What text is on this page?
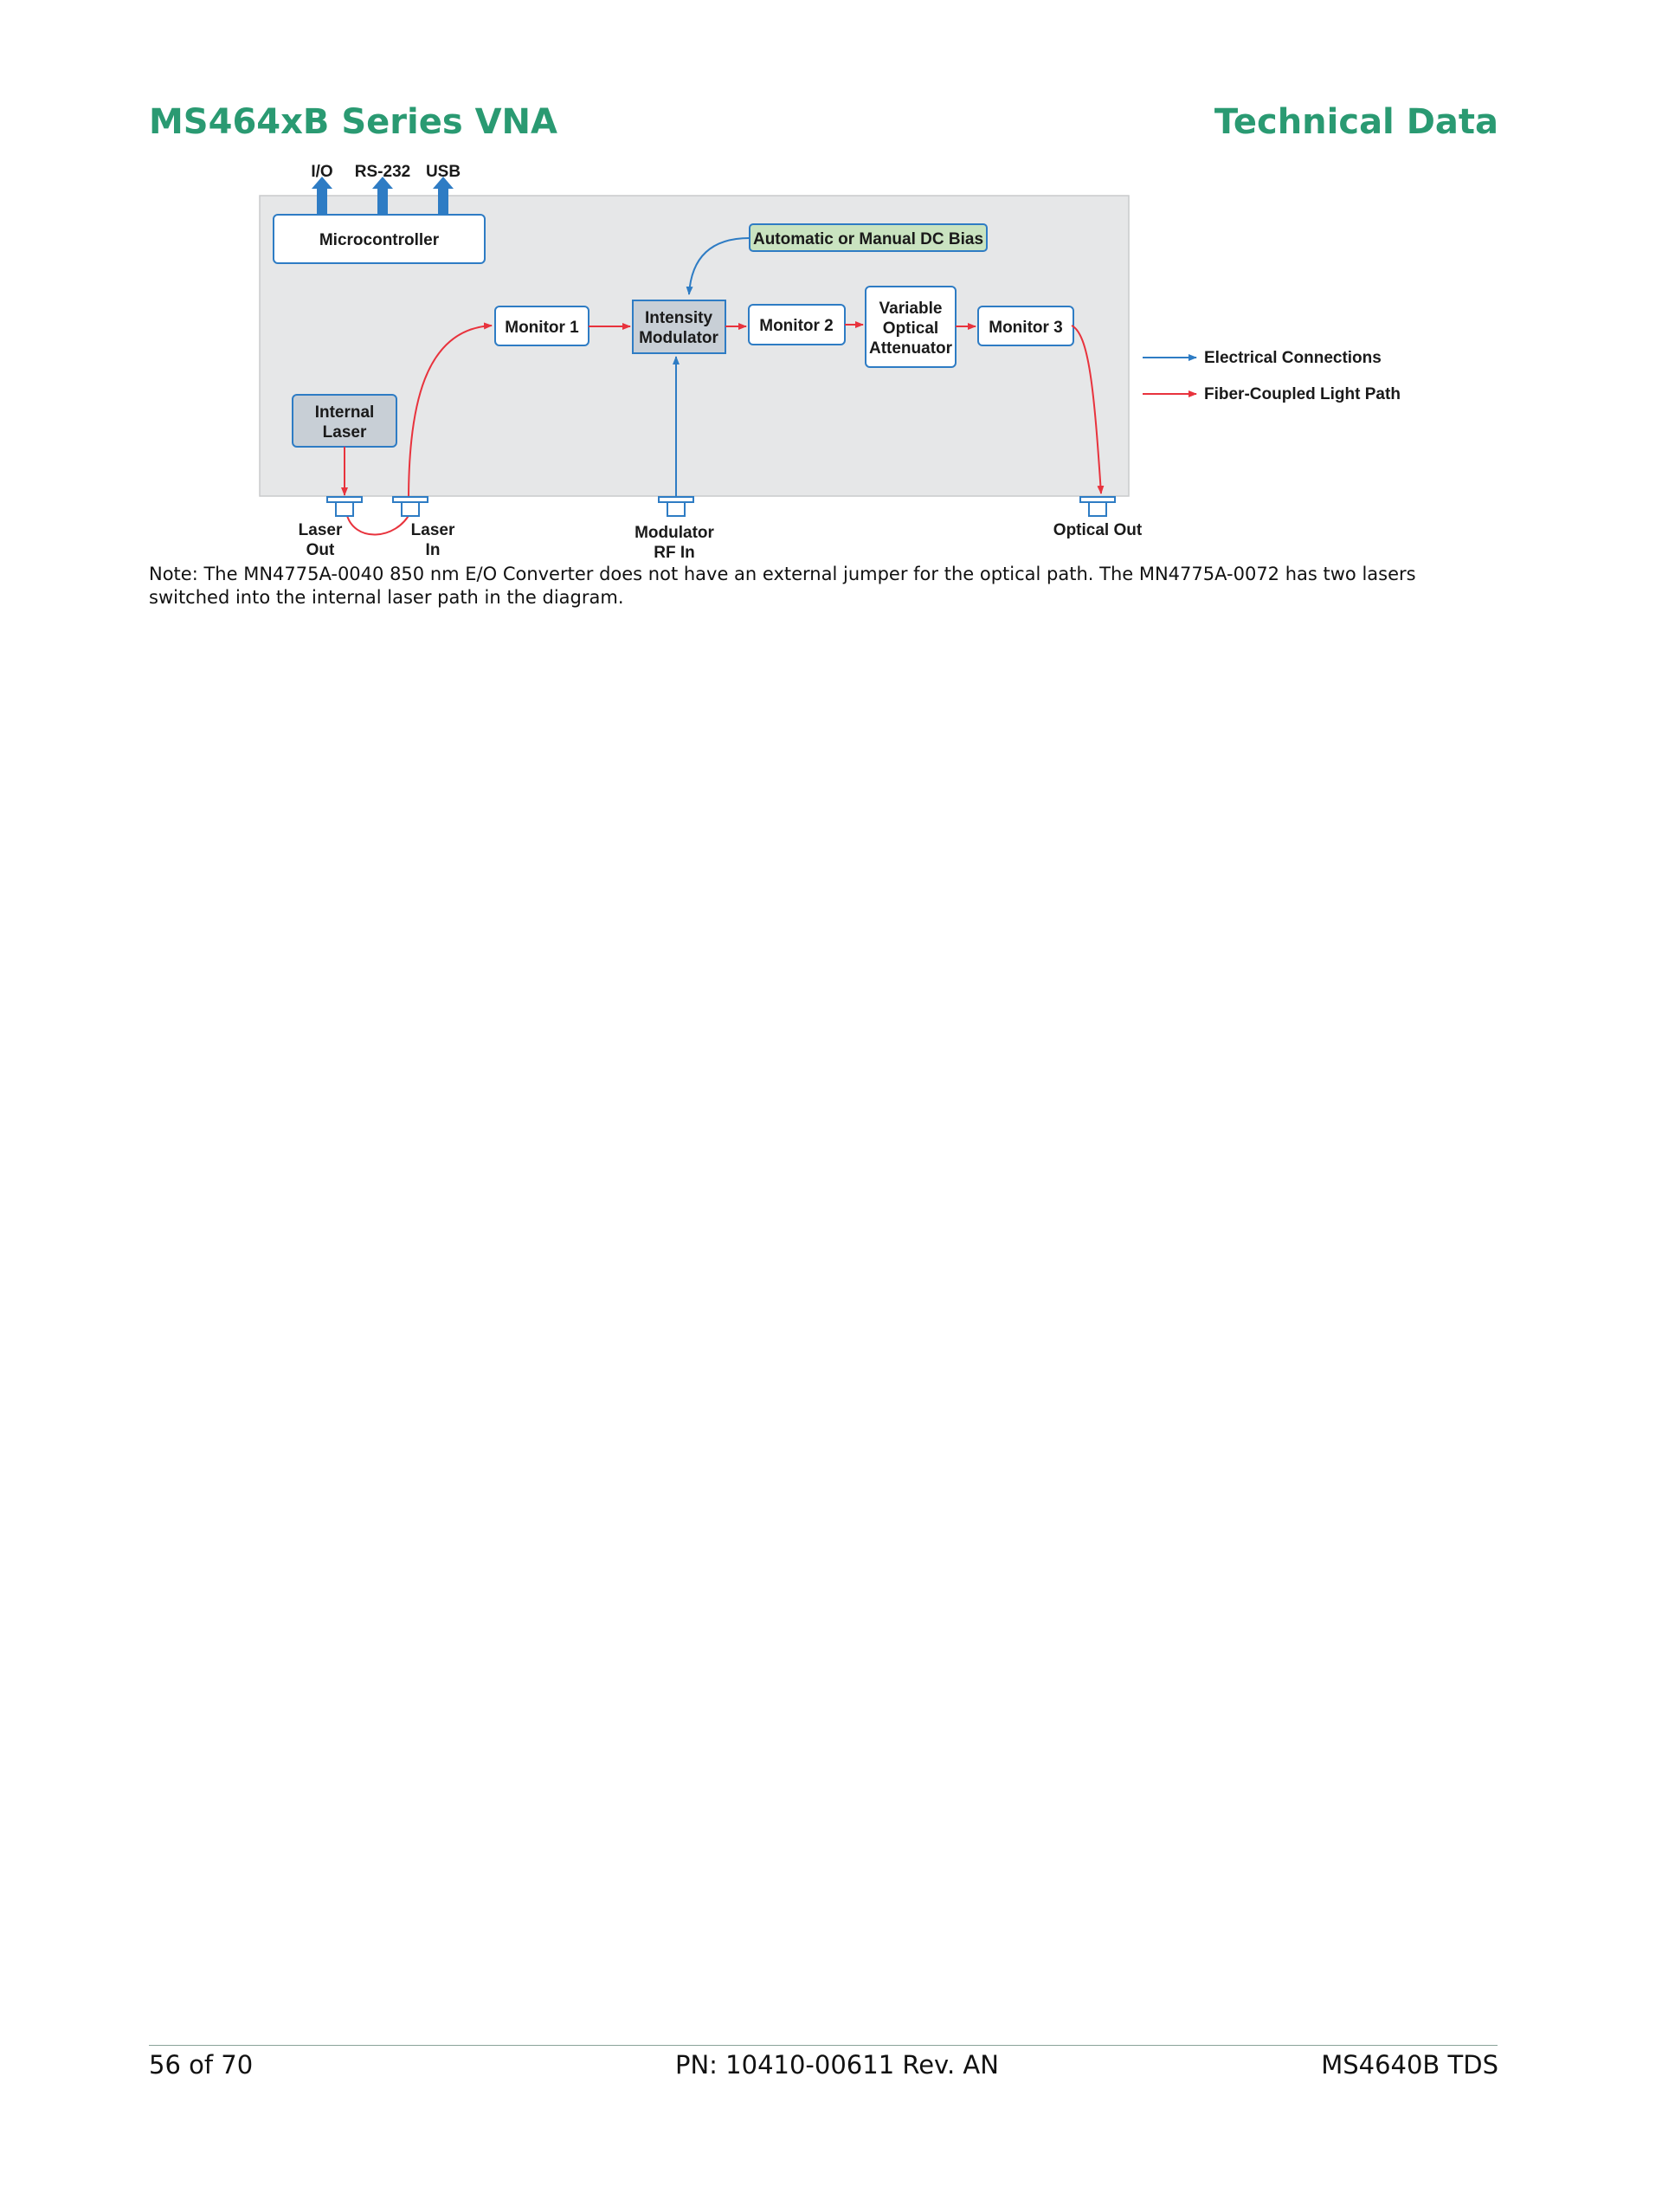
MS464xB Series VNA	Technical Data
I/O RS-232 USB
Microcontroller	Automatic or Manual DC Bias
Monitor 1
Intensity
Modulator
Monitor 2
Variable
Optical
Attenuator
Monitor 3
Internal
Laser
Laser
Out
Laser
In
Modulator
RF In
Optical Out
Electrical Connections
Fiber-Coupled Light Path
Note: The MN4775A-0040 850 nm E/O Converter does not have an external jumper for the optical path. The MN4775A-0072 has two lasers switched into the internal laser path in the diagram.
56 of 70	PN: 10410-00611 Rev. AN	MS4640B TDS
